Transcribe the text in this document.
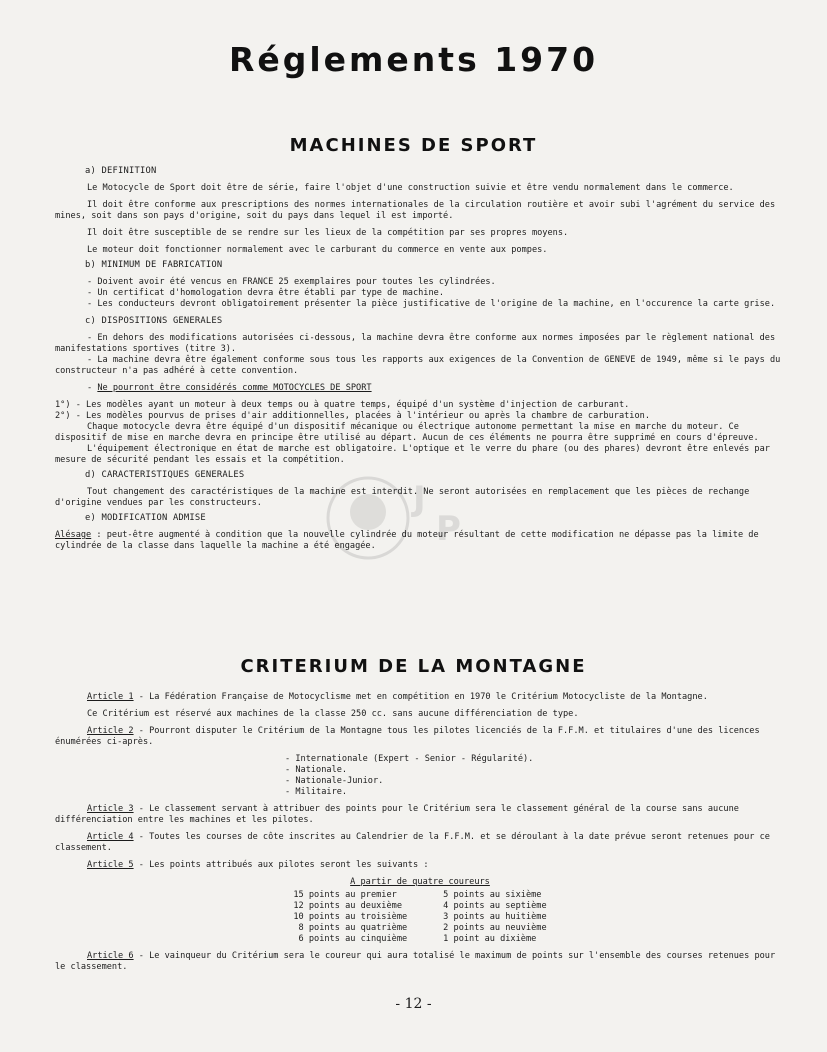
J
P
Réglements 1970
MACHINES DE SPORT

a) DEFINITION

Le Motocycle de Sport doit être de série, faire l'objet d'une construction suivie et être vendu normalement dans le commerce.

Il doit être conforme aux prescriptions des normes internationales de la circulation routière et avoir subi l'agrément du service des mines, soit dans son pays d'origine, soit du pays dans lequel il est importé.

Il doit être susceptible de se rendre sur les lieux de la compétition par ses propres moyens.

Le moteur doit fonctionner normalement avec le carburant du commerce en vente aux pompes.

b) MINIMUM DE FABRICATION

- Doivent avoir été vencus en FRANCE 25 exemplaires pour toutes les cylindrées.

- Un certificat d'homologation devra être établi par type de machine.

- Les conducteurs devront obligatoirement présenter la pièce justificative de l'origine de la machine, en l'occurence la carte grise.

c) DISPOSITIONS GENERALES

- En dehors des modifications autorisées ci-dessous, la machine devra être conforme aux normes imposées par le règlement national des manifestations sportives (titre 3).

- La machine devra être également conforme sous tous les rapports aux exigences de la Convention de GENEVE de 1949, même si le pays du constructeur n'a pas adhéré à cette convention.

- Ne pourront être considérés comme MOTOCYCLES DE SPORT

1°) - Les modèles ayant un moteur à deux temps ou à quatre temps, équipé d'un système d'injection de carburant.

2°) - Les modèles pourvus de prises d'air additionnelles, placées à l'intérieur ou après la chambre de carburation.

Chaque motocycle devra être équipé d'un dispositif mécanique ou électrique autonome permettant la mise en marche du moteur. Ce dispositif de mise en marche devra en principe être utilisé au départ. Aucun de ces éléments ne pourra être supprimé en cours d'épreuve.

L'équipement électronique en état de marche est obligatoire. L'optique et le verre du phare (ou des phares) devront être enlevés par mesure de sécurité pendant les essais et la compétition.

d) CARACTERISTIQUES GENERALES

Tout changement des caractéristiques de la machine est interdit. Ne seront autorisées en remplacement que les pièces de rechange d'origine vendues par les constructeurs.

e) MODIFICATION ADMISE

Alésage : peut-être augmenté à condition que la nouvelle cylindrée du moteur résultant de cette modification ne dépasse pas la limite de cylindrée de la classe dans laquelle la machine a été engagée.

CRITERIUM DE LA MONTAGNE

Article 1 - La Fédération Française de Motocyclisme met en compétition en 1970 le Critérium Motocycliste de la Montagne.

Ce Critérium est réservé aux machines de la classe 250 cc. sans aucune différenciation de type.

Article 2 - Pourront disputer le Critérium de la Montagne tous les pilotes licenciés de la F.F.M. et titulaires d'une des licences énumérées ci-après.

- Internationale (Expert - Senior - Régularité).

- Nationale.

- Nationale-Junior.

- Militaire.

Article 3 - Le classement servant à attribuer des points pour le Critérium sera le classement général de la course sans aucune différenciation entre les machines et les pilotes.

Article 4 - Toutes les courses de côte inscrites au Calendrier de la F.F.M. et se déroulant à la date prévue seront retenues pour ce classement.

Article 5 - Les points attribués aux pilotes seront les suivants :

A partir de quatre coureurs

15 points au premier
12 points au deuxième
10 points au troisième
8 points au quatrième
6 points au cinquième
5 points au sixième
4 points au septième
3 points au huitième
2 points au neuvième
1 point au dixième

Article 6 - Le vainqueur du Critérium sera le coureur qui aura totalisé le maximum de points sur l'ensemble des courses retenues pour le classement.

- 12 -
